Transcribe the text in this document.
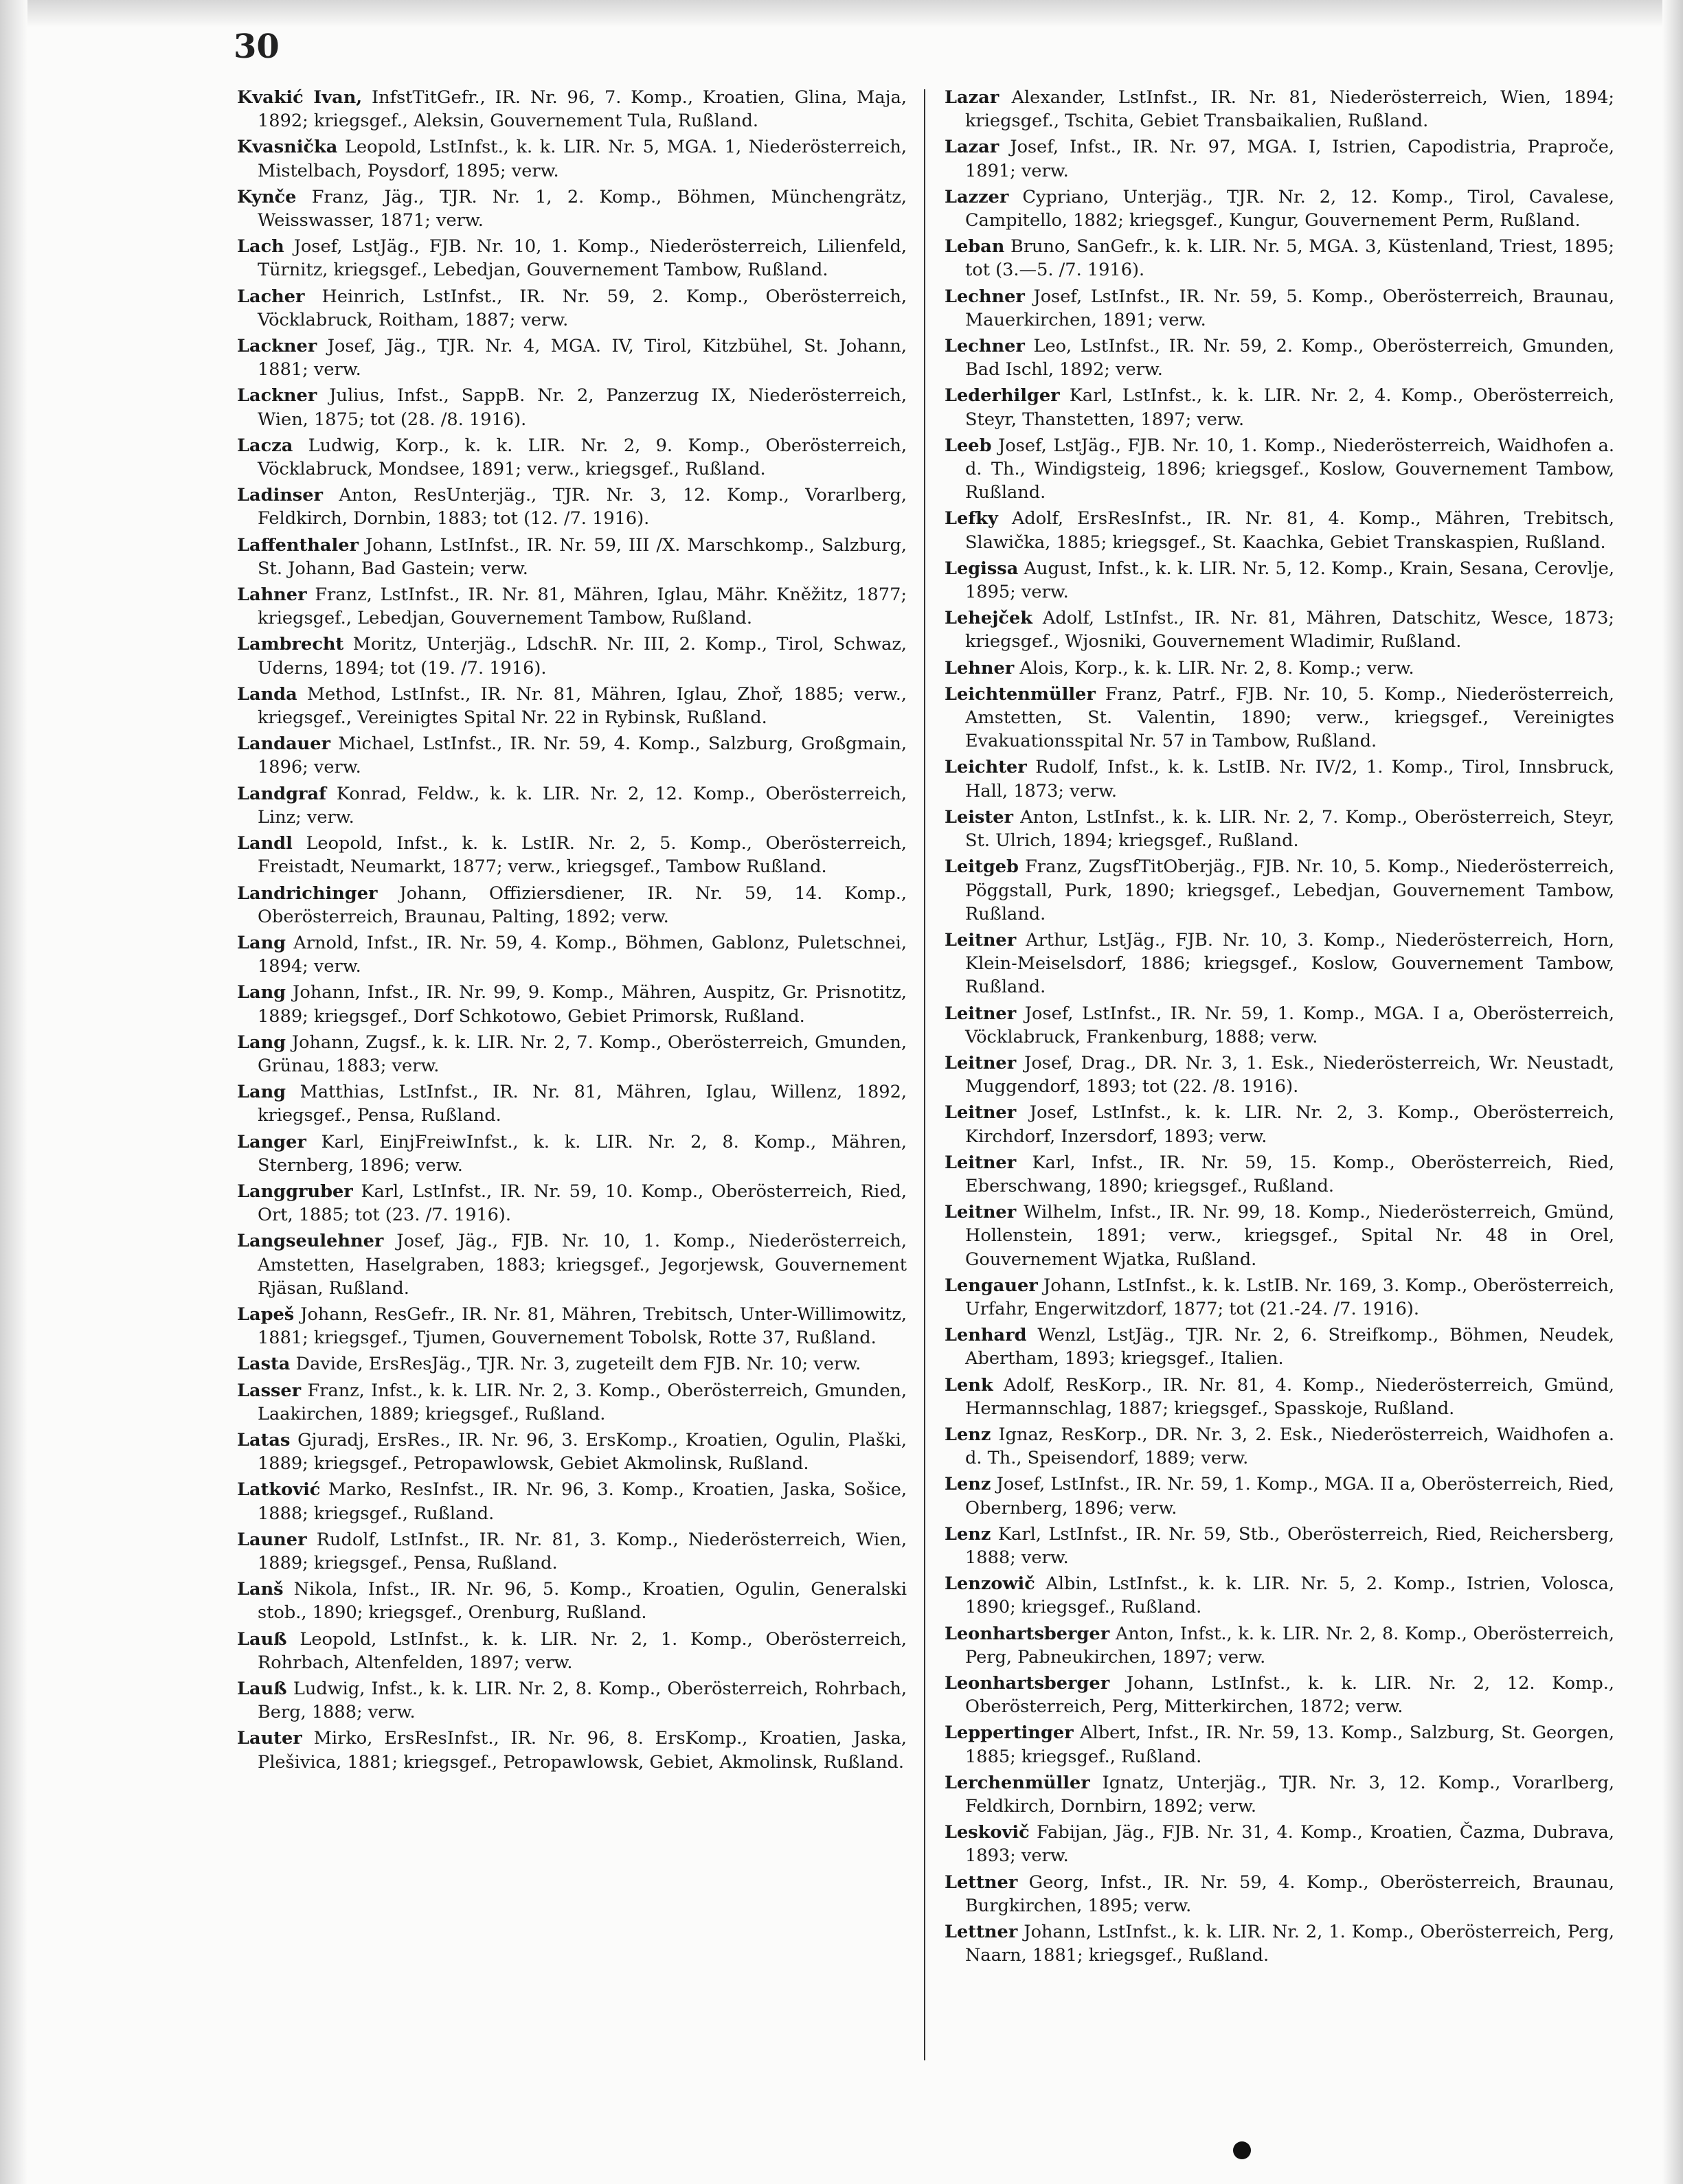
30

Kvakić Ivan, InfstTitGefr., IR. Nr. 96, 7. Komp., Kroatien, Glina, Maja, 1892; kriegsgef., Aleksin, Gouvernement Tula, Rußland.

Kvasnička Leopold, LstInfst., k. k. LIR. Nr. 5, MGA. 1, Niederösterreich, Mistelbach, Poysdorf, 1895; verw.

Kynče Franz, Jäg., TJR. Nr. 1, 2. Komp., Böhmen, Münchengrätz, Weisswasser, 1871; verw.

Lach Josef, LstJäg., FJB. Nr. 10, 1. Komp., Niederösterreich, Lilienfeld, Türnitz, kriegsgef., Lebedjan, Gouvernement Tambow, Rußland.

Lacher Heinrich, LstInfst., IR. Nr. 59, 2. Komp., Oberösterreich, Vöcklabruck, Roitham, 1887; verw.

Lackner Josef, Jäg., TJR. Nr. 4, MGA. IV, Tirol, Kitzbühel, St. Johann, 1881; verw.

Lackner Julius, Infst., SappB. Nr. 2, Panzerzug IX, Niederösterreich, Wien, 1875; tot (28. /8. 1916).

Lacza Ludwig, Korp., k. k. LIR. Nr. 2, 9. Komp., Oberösterreich, Vöcklabruck, Mondsee, 1891; verw., kriegsgef., Rußland.

Ladinser Anton, ResUnterjäg., TJR. Nr. 3, 12. Komp., Vorarlberg, Feldkirch, Dornbin, 1883; tot (12. /7. 1916).

Laffenthaler Johann, LstInfst., IR. Nr. 59, III /X. Marschkomp., Salzburg, St. Johann, Bad Gastein; verw.

Lahner Franz, LstInfst., IR. Nr. 81, Mähren, Iglau, Mähr. Kněžitz, 1877; kriegsgef., Lebedjan, Gouvernement Tambow, Rußland.

Lambrecht Moritz, Unterjäg., LdschR. Nr. III, 2. Komp., Tirol, Schwaz, Uderns, 1894; tot (19. /7. 1916).

Landa Method, LstInfst., IR. Nr. 81, Mähren, Iglau, Zhoř, 1885; verw., kriegsgef., Vereinigtes Spital Nr. 22 in Rybinsk, Rußland.

Landauer Michael, LstInfst., IR. Nr. 59, 4. Komp., Salzburg, Großgmain, 1896; verw.

Landgraf Konrad, Feldw., k. k. LIR. Nr. 2, 12. Komp., Oberösterreich, Linz; verw.

Landl Leopold, Infst., k. k. LstIR. Nr. 2, 5. Komp., Oberösterreich, Freistadt, Neumarkt, 1877; verw., kriegsgef., Tambow Rußland.

Landrichinger Johann, Offiziersdiener, IR. Nr. 59, 14. Komp., Oberösterreich, Braunau, Palting, 1892; verw.

Lang Arnold, Infst., IR. Nr. 59, 4. Komp., Böhmen, Gablonz, Puletschnei, 1894; verw.

Lang Johann, Infst., IR. Nr. 99, 9. Komp., Mähren, Auspitz, Gr. Prisnotitz, 1889; kriegsgef., Dorf Schkotowo, Gebiet Primorsk, Rußland.

Lang Johann, Zugsf., k. k. LIR. Nr. 2, 7. Komp., Oberösterreich, Gmunden, Grünau, 1883; verw.

Lang Matthias, LstInfst., IR. Nr. 81, Mähren, Iglau, Willenz, 1892, kriegsgef., Pensa, Rußland.

Langer Karl, EinjFreiwInfst., k. k. LIR. Nr. 2, 8. Komp., Mähren, Sternberg, 1896; verw.

Langgruber Karl, LstInfst., IR. Nr. 59, 10. Komp., Oberösterreich, Ried, Ort, 1885; tot (23. /7. 1916).

Langseulehner Josef, Jäg., FJB. Nr. 10, 1. Komp., Niederösterreich, Amstetten, Haselgraben, 1883; kriegsgef., Jegorjewsk, Gouvernement Rjäsan, Rußland.

Lapeš Johann, ResGefr., IR. Nr. 81, Mähren, Trebitsch, Unter-Willimowitz, 1881; kriegsgef., Tjumen, Gouvernement Tobolsk, Rotte 37, Rußland.

Lasta Davide, ErsResJäg., TJR. Nr. 3, zugeteilt dem FJB. Nr. 10; verw.

Lasser Franz, Infst., k. k. LIR. Nr. 2, 3. Komp., Oberösterreich, Gmunden, Laakirchen, 1889; kriegsgef., Rußland.

Latas Gjuradj, ErsRes., IR. Nr. 96, 3. ErsKomp., Kroatien, Ogulin, Plaški, 1889; kriegsgef., Petropawlowsk, Gebiet Akmolinsk, Rußland.

Latković Marko, ResInfst., IR. Nr. 96, 3. Komp., Kroatien, Jaska, Sošice, 1888; kriegsgef., Rußland.

Launer Rudolf, LstInfst., IR. Nr. 81, 3. Komp., Niederösterreich, Wien, 1889; kriegsgef., Pensa, Rußland.

Lanš Nikola, Infst., IR. Nr. 96, 5. Komp., Kroatien, Ogulin, Generalski stob., 1890; kriegsgef., Orenburg, Rußland.

Lauß Leopold, LstInfst., k. k. LIR. Nr. 2, 1. Komp., Oberösterreich, Rohrbach, Altenfelden, 1897; verw.

Lauß Ludwig, Infst., k. k. LIR. Nr. 2, 8. Komp., Oberösterreich, Rohrbach, Berg, 1888; verw.

Lauter Mirko, ErsResInfst., IR. Nr. 96, 8. ErsKomp., Kroatien, Jaska, Plešivica, 1881; kriegsgef., Petropawlowsk, Gebiet, Akmolinsk, Rußland.

Lazar Alexander, LstInfst., IR. Nr. 81, Niederösterreich, Wien, 1894; kriegsgef., Tschita, Gebiet Transbaikalien, Rußland.

Lazar Josef, Infst., IR. Nr. 97, MGA. I, Istrien, Capodistria, Praproče, 1891; verw.

Lazzer Cypriano, Unterjäg., TJR. Nr. 2, 12. Komp., Tirol, Cavalese, Campitello, 1882; kriegsgef., Kungur, Gouvernement Perm, Rußland.

Leban Bruno, SanGefr., k. k. LIR. Nr. 5, MGA. 3, Küstenland, Triest, 1895; tot (3.—5. /7. 1916).

Lechner Josef, LstInfst., IR. Nr. 59, 5. Komp., Oberösterreich, Braunau, Mauerkirchen, 1891; verw.

Lechner Leo, LstInfst., IR. Nr. 59, 2. Komp., Oberösterreich, Gmunden, Bad Ischl, 1892; verw.

Lederhilger Karl, LstInfst., k. k. LIR. Nr. 2, 4. Komp., Oberösterreich, Steyr, Thanstetten, 1897; verw.

Leeb Josef, LstJäg., FJB. Nr. 10, 1. Komp., Niederösterreich, Waidhofen a. d. Th., Windigsteig, 1896; kriegsgef., Koslow, Gouvernement Tambow, Rußland.

Lefky Adolf, ErsResInfst., IR. Nr. 81, 4. Komp., Mähren, Trebitsch, Slawička, 1885; kriegsgef., St. Kaachka, Gebiet Transkaspien, Rußland.

Legissa August, Infst., k. k. LIR. Nr. 5, 12. Komp., Krain, Sesana, Cerovlje, 1895; verw.

Lehejček Adolf, LstInfst., IR. Nr. 81, Mähren, Datschitz, Wesce, 1873; kriegsgef., Wjosniki, Gouvernement Wladimir, Rußland.

Lehner Alois, Korp., k. k. LIR. Nr. 2, 8. Komp.; verw.

Leichtenmüller Franz, Patrf., FJB. Nr. 10, 5. Komp., Niederösterreich, Amstetten, St. Valentin, 1890; verw., kriegsgef., Vereinigtes Evakuationsspital Nr. 57 in Tambow, Rußland.

Leichter Rudolf, Infst., k. k. LstIB. Nr. IV/2, 1. Komp., Tirol, Innsbruck, Hall, 1873; verw.

Leister Anton, LstInfst., k. k. LIR. Nr. 2, 7. Komp., Oberösterreich, Steyr, St. Ulrich, 1894; kriegsgef., Rußland.

Leitgeb Franz, ZugsfTitOberjäg., FJB. Nr. 10, 5. Komp., Niederösterreich, Pöggstall, Purk, 1890; kriegsgef., Lebedjan, Gouvernement Tambow, Rußland.

Leitner Arthur, LstJäg., FJB. Nr. 10, 3. Komp., Niederösterreich, Horn, Klein-Meiselsdorf, 1886; kriegsgef., Koslow, Gouvernement Tambow, Rußland.

Leitner Josef, LstInfst., IR. Nr. 59, 1. Komp., MGA. I a, Oberösterreich, Vöcklabruck, Frankenburg, 1888; verw.

Leitner Josef, Drag., DR. Nr. 3, 1. Esk., Niederösterreich, Wr. Neustadt, Muggendorf, 1893; tot (22. /8. 1916).

Leitner Josef, LstInfst., k. k. LIR. Nr. 2, 3. Komp., Oberösterreich, Kirchdorf, Inzersdorf, 1893; verw.

Leitner Karl, Infst., IR. Nr. 59, 15. Komp., Oberösterreich, Ried, Eberschwang, 1890; kriegsgef., Rußland.

Leitner Wilhelm, Infst., IR. Nr. 99, 18. Komp., Niederösterreich, Gmünd, Hollenstein, 1891; verw., kriegsgef., Spital Nr. 48 in Orel, Gouvernement Wjatka, Rußland.

Lengauer Johann, LstInfst., k. k. LstIB. Nr. 169, 3. Komp., Oberösterreich, Urfahr, Engerwitzdorf, 1877; tot (21.-24. /7. 1916).

Lenhard Wenzl, LstJäg., TJR. Nr. 2, 6. Streifkomp., Böhmen, Neudek, Abertham, 1893; kriegsgef., Italien.

Lenk Adolf, ResKorp., IR. Nr. 81, 4. Komp., Niederösterreich, Gmünd, Hermannschlag, 1887; kriegsgef., Spasskoje, Rußland.

Lenz Ignaz, ResKorp., DR. Nr. 3, 2. Esk., Niederösterreich, Waidhofen a. d. Th., Speisendorf, 1889; verw.

Lenz Josef, LstInfst., IR. Nr. 59, 1. Komp., MGA. II a, Oberösterreich, Ried, Obernberg, 1896; verw.

Lenz Karl, LstInfst., IR. Nr. 59, Stb., Oberösterreich, Ried, Reichersberg, 1888; verw.

Lenzowič Albin, LstInfst., k. k. LIR. Nr. 5, 2. Komp., Istrien, Volosca, 1890; kriegsgef., Rußland.

Leonhartsberger Anton, Infst., k. k. LIR. Nr. 2, 8. Komp., Oberösterreich, Perg, Pabneukirchen, 1897; verw.

Leonhartsberger Johann, LstInfst., k. k. LIR. Nr. 2, 12. Komp., Oberösterreich, Perg, Mitterkirchen, 1872; verw.

Leppertinger Albert, Infst., IR. Nr. 59, 13. Komp., Salzburg, St. Georgen, 1885; kriegsgef., Rußland.

Lerchenmüller Ignatz, Unterjäg., TJR. Nr. 3, 12. Komp., Vorarlberg, Feldkirch, Dornbirn, 1892; verw.

Leskovič Fabijan, Jäg., FJB. Nr. 31, 4. Komp., Kroatien, Čazma, Dubrava, 1893; verw.

Lettner Georg, Infst., IR. Nr. 59, 4. Komp., Oberösterreich, Braunau, Burgkirchen, 1895; verw.

Lettner Johann, LstInfst., k. k. LIR. Nr. 2, 1. Komp., Oberösterreich, Perg, Naarn, 1881; kriegsgef., Rußland.
